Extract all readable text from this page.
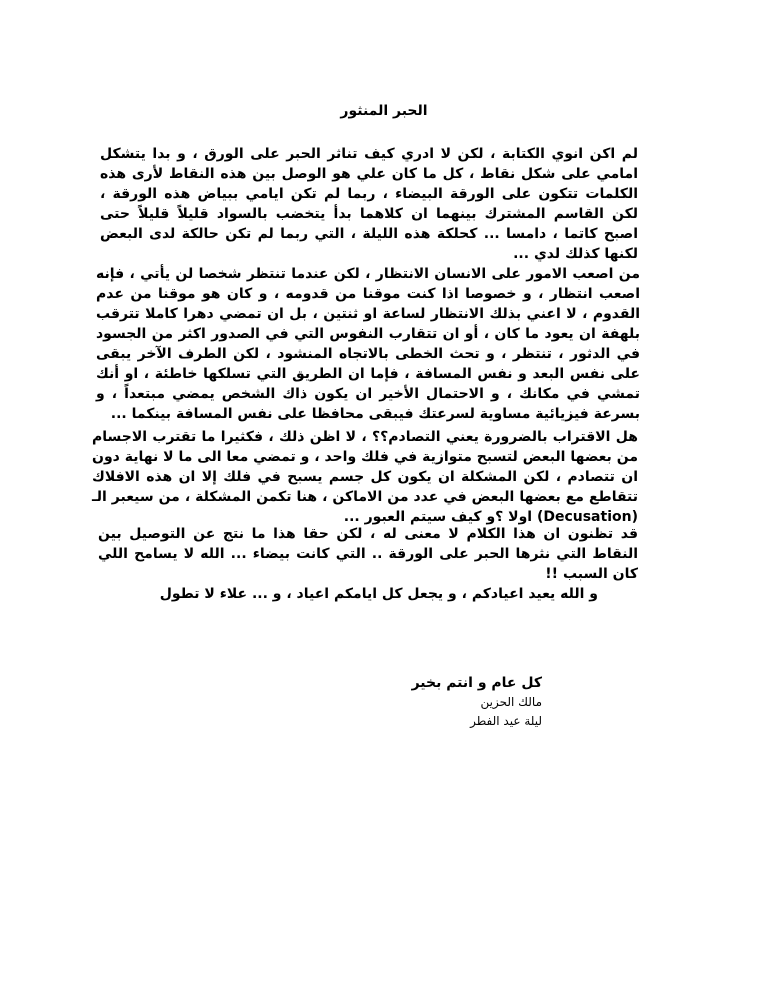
الحبر المنثور
لم اكن انوي الكتابة ، لكن لا ادري كيف تناثر الحبر على الورق ، و بدا يتشكل امامي على شكل نقاط ، كل ما كان علي هو الوصل بين هذه النقاط لأرى هذه الكلمات تتكون على الورقة البيضاء ، ربما لم تكن ايامي ببياض هذه الورقة ، لكن القاسم المشترك بينهما ان كلاهما بدأ يتخضب بالسواد قليلاً قليلاً حتى اصبح كاتما ، دامسا ... كحلكة هذه الليلة ، التي ربما لم تكن حالكة لدى البعض لكنها كذلك لدي ...
من اصعب الامور على الانسان الانتظار ، لكن عندما تنتظر شخصا لن يأتي ، فإنه اصعب انتظار ، و خصوصا اذا كنت موقنا من قدومه ، و كان هو موقنا من عدم القدوم ، لا اعني بذلك الانتظار لساعة او ثنتين ، بل ان تمضي دهرا كاملا تترقب بلهفة ان يعود ما كان ، أو ان تتقارب النفوس التي في الصدور اكثر من الجسود في الدثور ، تنتظر ، و تحث الخطى بالاتجاه المنشود ، لكن الطرف الآخر يبقى على نفس البعد و نفس المسافة ، فإما ان الطريق التي تسلكها خاطئة ، او أنك تمشي في مكانك ، و الاحتمال الأخير ان يكون ذاك الشخص يمضي مبتعداً ، و بسرعة فيزيائية مساوية لسرعتك فيبقى محافظا على نفس المسافة بينكما ...
هل الاقتراب بالضرورة يعني التصادم؟؟ ، لا اظن ذلك ، فكثيرا ما تقترب الاجسام من بعضها البعض لتسبح متوازية في فلك واحد ، و تمضي معا الى ما لا نهاية دون ان تتصادم ، لكن المشكلة ان يكون كل جسم يسبح في فلك إلا ان هذه الافلاك تتقاطع مع بعضها البعض في عدد من الاماكن ، هنا تكمن المشكلة ، من سيعبر الـ (Decusation) اولا ؟و كيف سيتم العبور ...
قد تظنون ان هذا الكلام لا معنى له ، لكن حقا هذا ما نتج عن التوصيل بين النقاط التي نثرها الحبر على الورقة .. التي كانت بيضاء ... الله لا يسامح اللي كان السبب !!
و الله يعيد اعيادكم ، و يجعل كل ايامكم اعياد ، و ... علاء لا تطول
كل عام و انتم بخير
مالك الحزين
ليلة عيد الفطر
